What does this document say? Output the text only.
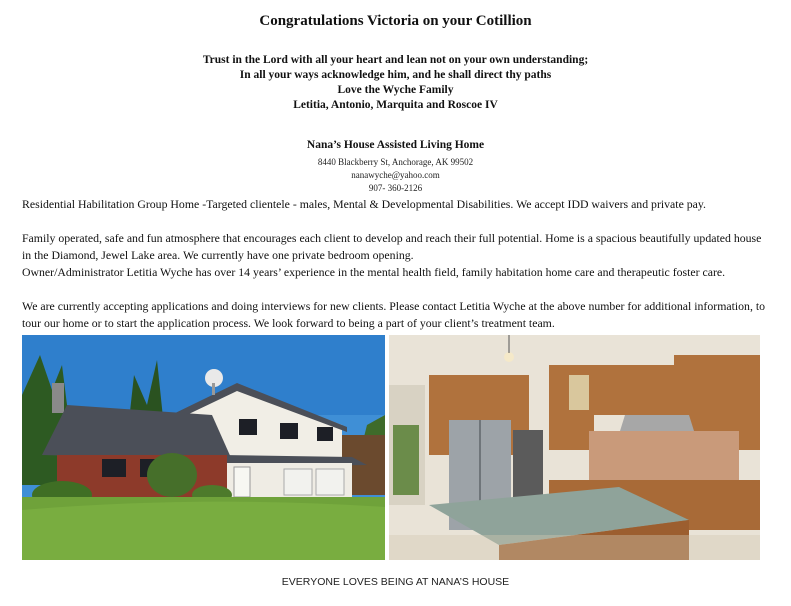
Congratulations Victoria on your Cotillion
Trust in the Lord with all your heart and lean not on your own understanding;
In all your ways acknowledge him, and he shall direct thy paths
Love the Wyche Family
Letitia, Antonio, Marquita and Roscoe IV
Nana’s House Assisted Living Home
8440 Blackberry St, Anchorage, AK 99502
nanawyche@yahoo.com
907- 360-2126
Residential Habilitation Group Home -Targeted clientele - males, Mental & Developmental Disabilities. We accept IDD waivers and private pay.
Family operated, safe and fun atmosphere that encourages each client to develop and reach their full potential. Home is a spacious beautifully updated house in the Diamond, Jewel Lake area. We currently have one private bedroom opening.
Owner/Administrator Letitia Wyche has over 14 years’ experience in the mental health field, family habitation home care and therapeutic foster care.
We are currently accepting applications and doing interviews for new clients. Please contact Letitia Wyche at the above number for additional information, to tour our home or to start the application process. We look forward to being a part of your client’s treatment team.
EVERYONE LOVES BEING AT NANA’S HOUSE
